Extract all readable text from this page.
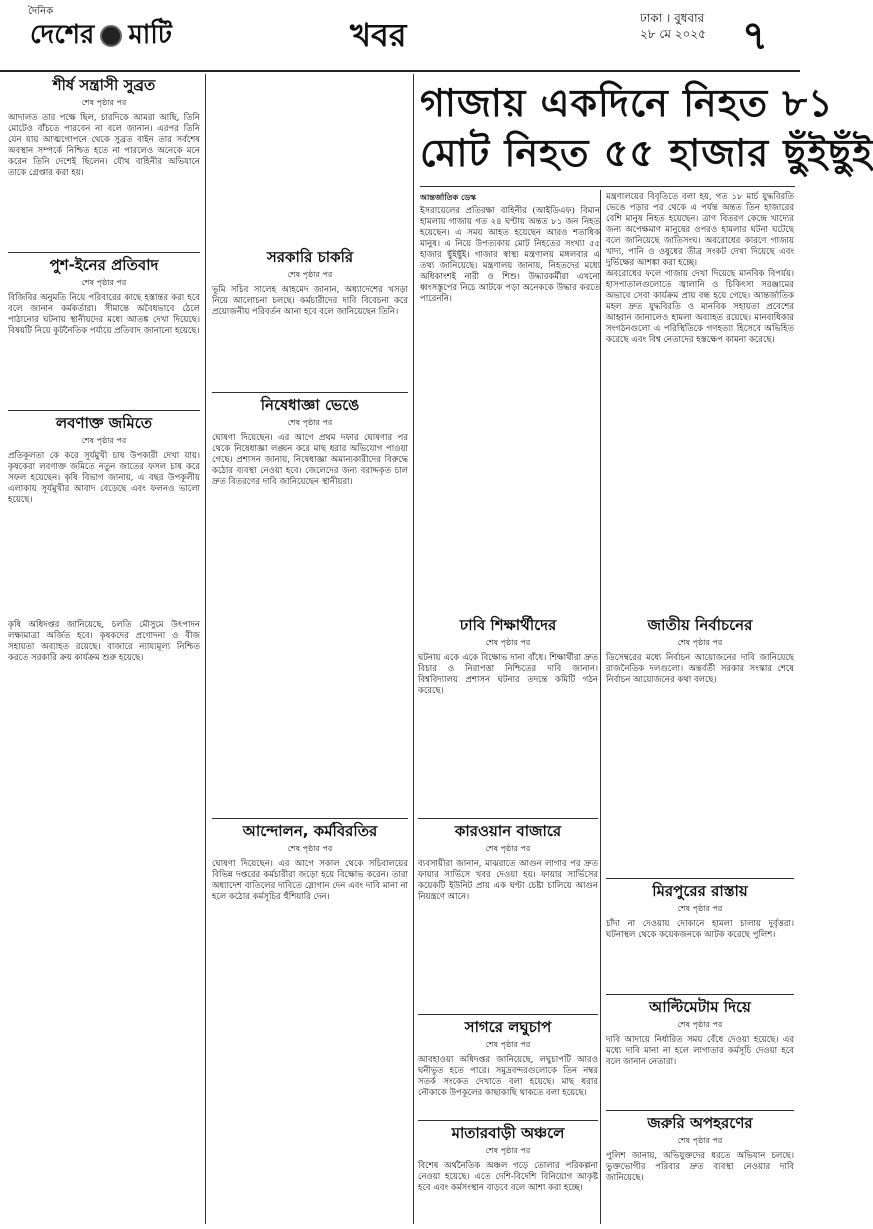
দৈনিক
দেশের মাটি	খবর	ঢাকা । বুধবার
২৮ মে ২০২৫ ৭
গাজায় একদিনে নিহত ৮১
মোট নিহত ৫৫ হাজার ছুঁইছুঁই
আন্তর্জাতিক ডেস্ক

ইসরায়েলের প্রতিরক্ষা বাহিনীর (আইডিএফ) বিমান হামলায় গাজায় গত ২৪ ঘণ্টায় অন্তত ৮১ জন নিহত হয়েছেন। এ সময় আহত হয়েছেন আরও শতাধিক মানুষ। এ নিয়ে উপত্যকায় মোট নিহতের সংখ্যা ৫৫ হাজার ছুঁইছুঁই। গাজার স্বাস্থ্য মন্ত্রণালয় মঙ্গলবার এ তথ্য জানিয়েছে। মন্ত্রণালয় জানায়, নিহতদের মধ্যে অধিকাংশই নারী ও শিশু। উদ্ধারকর্মীরা এখনো ধ্বংসস্তূপের নিচে আটকে পড়া অনেককে উদ্ধার করতে পারেননি।

মন্ত্রণালয়ের বিবৃতিতে বলা হয়, গত ১৮ মার্চ যুদ্ধবিরতি ভেঙে পড়ার পর থেকে এ পর্যন্ত অন্তত তিন হাজারের বেশি মানুষ নিহত হয়েছেন। ত্রাণ বিতরণ কেন্দ্রে খাদ্যের জন্য অপেক্ষমাণ মানুষের ওপরও হামলার ঘটনা ঘটেছে বলে জানিয়েছে জাতিসংঘ। অবরোধের কারণে গাজায় খাদ্য, পানি ও ওষুধের তীব্র সংকট দেখা দিয়েছে এবং দুর্ভিক্ষের আশঙ্কা করা হচ্ছে।

অবরোধের ফলে গাজায় দেখা দিয়েছে মানবিক বিপর্যয়। হাসপাতালগুলোতে জ্বালানি ও চিকিৎসা সরঞ্জামের অভাবে সেবা কার্যক্রম প্রায় বন্ধ হয়ে গেছে। আন্তর্জাতিক মহল দ্রুত যুদ্ধবিরতি ও মানবিক সহায়তা প্রবেশের আহ্বান জানালেও হামলা অব্যাহত রয়েছে। মানবাধিকার সংগঠনগুলো এ পরিস্থিতিকে গণহত্যা হিসেবে অভিহিত করেছে এবং বিশ্ব নেতাদের হস্তক্ষেপ কামনা করেছে।

শীর্ষ সন্ত্রাসী সুব্রত
শেষ পৃষ্ঠার পর

আদালত তার পক্ষে ছিল, চারদিকে আমরা আছি, তিনি মোটেও বাঁচতে পারবেন না বলে জানান। এরপর তিনি যেন যায় আত্মগোপনে থেকে সুব্রত বাইন তার সর্বশেষ অবস্থান সম্পর্কে নিশ্চিত হতে না পারলেও অনেকে মনে করেন তিনি দেশেই ছিলেন। যৌথ বাহিনীর অভিযানে তাকে গ্রেপ্তার করা হয়।

পুশ-ইনের প্রতিবাদ
শেষ পৃষ্ঠার পর

বিজিবির অনুমতি নিয়ে পরিবারের কাছে হস্তান্তর করা হবে বলে জানান কর্মকর্তারা। সীমান্তে অবৈধভাবে ঠেলে পাঠানোর ঘটনায় স্থানীয়দের মধ্যে আতঙ্ক দেখা দিয়েছে। বিষয়টি নিয়ে কূটনৈতিক পর্যায়ে প্রতিবাদ জানানো হয়েছে।

লবণাক্ত জমিতে
শেষ পৃষ্ঠার পর

প্রতিকূলতা কে করে সূর্যমুখী চাষ উপকারী দেখা যায়। কৃষকেরা লবণাক্ত জমিতে নতুন জাতের ফসল চাষ করে সফল হয়েছেন। কৃষি বিভাগ জানায়, এ বছর উপকূলীয় এলাকায় সূর্যমুখীর আবাদ বেড়েছে এবং ফলনও ভালো হয়েছে।

কৃষি অধিদপ্তর জানিয়েছে, চলতি মৌসুমে উৎপাদন লক্ষ্যমাত্রা অর্জিত হবে। কৃষকদের প্রণোদনা ও বীজ সহায়তা অব্যাহত রয়েছে। বাজারে ন্যায্যমূল্য নিশ্চিত করতে সরকারি ক্রয় কার্যক্রম শুরু হয়েছে।

সরকারি চাকরি
শেষ পৃষ্ঠার পর

ভূমি সচিব সালেহ আহমেদ জানান, অধ্যাদেশের খসড়া নিয়ে আলোচনা চলছে। কর্মচারীদের দাবি বিবেচনা করে প্রয়োজনীয় পরিবর্তন আনা হবে বলে জানিয়েছেন তিনি।

নিষেধাজ্ঞা ভেঙে
শেষ পৃষ্ঠার পর

ঘোষণা দিয়েছেন। এর আগে প্রথম দফার ঘোষণার পর থেকে নিষেধাজ্ঞা লঙ্ঘন করে মাছ ধরার অভিযোগ পাওয়া গেছে। প্রশাসন জানায়, নিষেধাজ্ঞা অমান্যকারীদের বিরুদ্ধে কঠোর ব্যবস্থা নেওয়া হবে। জেলেদের জন্য বরাদ্দকৃত চাল দ্রুত বিতরণের দাবি জানিয়েছেন স্থানীয়রা।

আন্দোলন, কর্মবিরতির
শেষ পৃষ্ঠার পর

ঘোষণা দিয়েছেন। এর আগে সকাল থেকে সচিবালয়ের বিভিন্ন দপ্তরের কর্মচারীরা জড়ো হয়ে বিক্ষোভ করেন। তারা অধ্যাদেশ বাতিলের দাবিতে স্লোগান দেন এবং দাবি মানা না হলে কঠোর কর্মসূচির হুঁশিয়ারি দেন।

ঢাবি শিক্ষার্থীদের
শেষ পৃষ্ঠার পর

ঘটনায় একে একে বিক্ষোভ দানা বাঁধে। শিক্ষার্থীরা দ্রুত বিচার ও নিরাপত্তা নিশ্চিতের দাবি জানান। বিশ্ববিদ্যালয় প্রশাসন ঘটনার তদন্তে কমিটি গঠন করেছে।

কারওয়ান বাজারে
শেষ পৃষ্ঠার পর

ব্যবসায়ীরা জানান, মাঝরাতে আগুন লাগার পর দ্রুত ফায়ার সার্ভিসে খবর দেওয়া হয়। ফায়ার সার্ভিসের কয়েকটি ইউনিট প্রায় এক ঘণ্টা চেষ্টা চালিয়ে আগুন নিয়ন্ত্রণে আনে।

সাগরে লঘুচাপ
শেষ পৃষ্ঠার পর

আবহাওয়া অধিদপ্তর জানিয়েছে, লঘুচাপটি আরও ঘনীভূত হতে পারে। সমুদ্রবন্দরগুলোকে তিন নম্বর সতর্ক সংকেত দেখাতে বলা হয়েছে। মাছ ধরার নৌকাকে উপকূলের কাছাকাছি থাকতে বলা হয়েছে।

মাতারবাড়ী অঞ্চলে
শেষ পৃষ্ঠার পর

বিশেষ অর্থনৈতিক অঞ্চল গড়ে তোলার পরিকল্পনা নেওয়া হয়েছে। এতে দেশি-বিদেশি বিনিয়োগ আকৃষ্ট হবে এবং কর্মসংস্থান বাড়বে বলে আশা করা হচ্ছে।

জাতীয় নির্বাচনের
শেষ পৃষ্ঠার পর

ডিসেম্বরের মধ্যে নির্বাচন আয়োজনের দাবি জানিয়েছে রাজনৈতিক দলগুলো। অন্তর্বর্তী সরকার সংস্কার শেষে নির্বাচন আয়োজনের কথা বলছে।

মিরপুরের রাস্তায়
শেষ পৃষ্ঠার পর

চাঁদা না দেওয়ায় দোকানে হামলা চালায় দুর্বৃত্তরা। ঘটনাস্থল থেকে কয়েকজনকে আটক করেছে পুলিশ।

আল্টিমেটাম দিয়ে
শেষ পৃষ্ঠার পর

দাবি আদায়ে নির্ধারিত সময় বেঁধে দেওয়া হয়েছে। এর মধ্যে দাবি মানা না হলে লাগাতার কর্মসূচি দেওয়া হবে বলে জানান নেতারা।

জরুরি অপহরণের
শেষ পৃষ্ঠার পর

পুলিশ জানায়, অভিযুক্তদের ধরতে অভিযান চলছে। ভুক্তভোগীর পরিবার দ্রুত ব্যবস্থা নেওয়ার দাবি জানিয়েছে।
